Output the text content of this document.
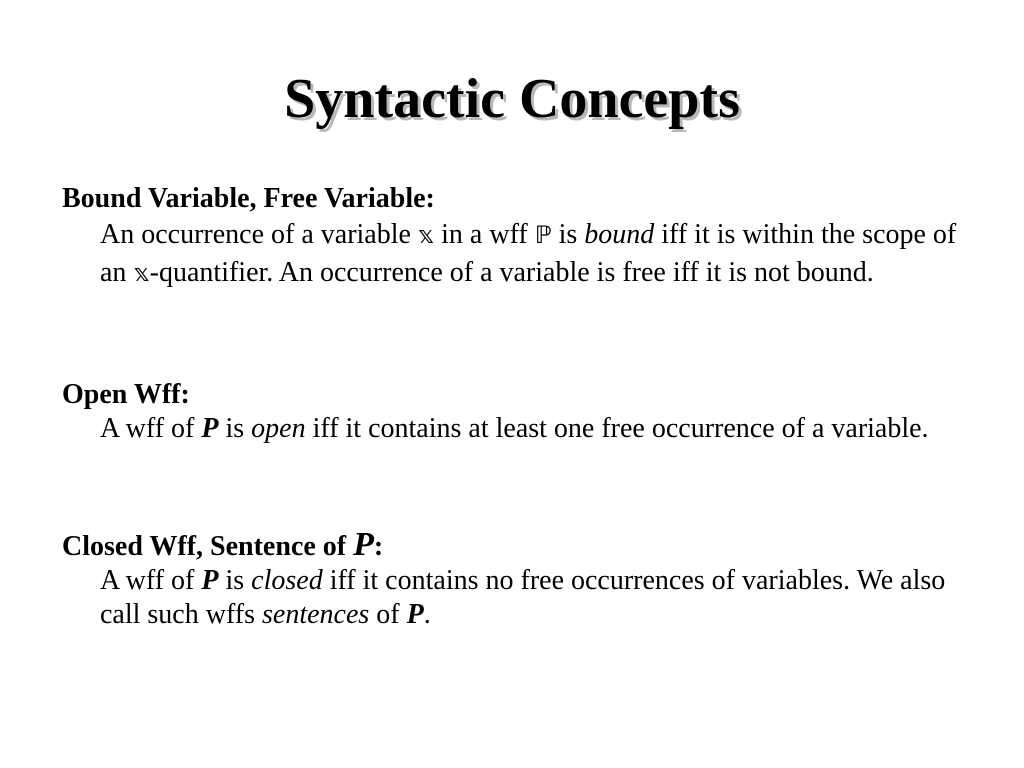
Syntactic Concepts

Bound Variable, Free Variable:

An occurrence of a variable 𝕩 in a wff ℙ is bound iff it is within the scope of an 𝕩-quantifier. An occurrence of a variable is free iff it is not bound.

Open Wff:

A wff of P is open iff it contains at least one free occurrence of a variable.

Closed Wff, Sentence of P:

A wff of P is closed iff it contains no free occurrences of variables. We also call such wffs sentences of P.
